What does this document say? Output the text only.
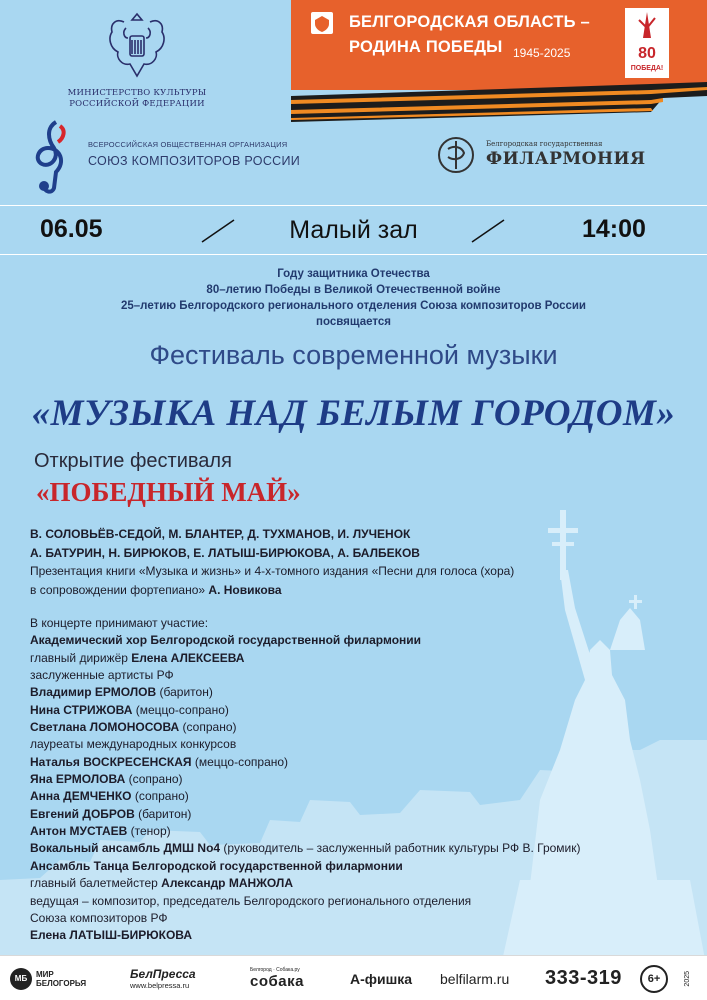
МИНИСТЕРСТВО КУЛЬТУРЫ
РОССИЙСКОЙ ФЕДЕРАЦИИ
БЕЛГОРОДСКАЯ ОБЛАСТЬ –
РОДИНА ПОБЕДЫ 1945-2025	80
ПОБЕДА!
ВСЕРОССИЙСКАЯ ОБЩЕСТВЕННАЯ ОРГАНИЗАЦИЯ
СОЮЗ КОМПОЗИТОРОВ РОССИИ
Белгородская государственная
ФИЛАРМОНИЯ
06.05	Малый зал	14:00
Году защитника Отечества
80–летию Победы в Великой Отечественной войне
25–летию Белгородского регионального отделения Союза композиторов России
посвящается
Фестиваль современной музыки
«МУЗЫКА НАД БЕЛЫМ ГОРОДОМ»
Открытие фестиваля
«ПОБЕДНЫЙ МАЙ»
В. СОЛОВЬЁВ-СЕДОЙ, М. БЛАНТЕР, Д. ТУХМАНОВ, И. ЛУЧЕНОК
А. БАТУРИН, Н. БИРЮКОВ, Е. ЛАТЫШ-БИРЮКОВА, А. БАЛБЕКОВ
Презентация книги «Музыка и жизнь» и 4-х-томного издания «Песни для голоса (хора)
в сопровождении фортепиано» А. Новикова
В концерте принимают участие:
Академический хор Белгородской государственной филармонии
главный дирижёр Елена АЛЕКСЕЕВА
заслуженные артисты РФ
Владимир ЕРМОЛОВ (баритон)
Нина СТРИЖОВА (меццо-сопрано)
Светлана ЛОМОНОСОВА (сопрано)
лауреаты международных конкурсов
Наталья ВОСКРЕСЕНСКАЯ (меццо-сопрано)
Яна ЕРМОЛОВА (сопрано)
Анна ДЕМЧЕНКО (сопрано)
Евгений ДОБРОВ (баритон)
Антон МУСТАЕВ (тенор)
Вокальный ансамбль ДМШ No4 (руководитель – заслуженный работник культуры РФ В. Громик)
Ансамбль Танца Белгородской государственной филармонии
главный балетмейстер Александр МАНЖОЛА
ведущая – композитор, председатель Белгородского регионального отделения
Союза композиторов РФ
Елена ЛАТЫШ-БИРЮКОВА
МБ	МИР
БЕЛОГОРЬЯ
БелПресса
www.belpressa.ru
Белгород · Собака.ру
собака	А-фишка belfilarm.ru 333-319	6+	2025
